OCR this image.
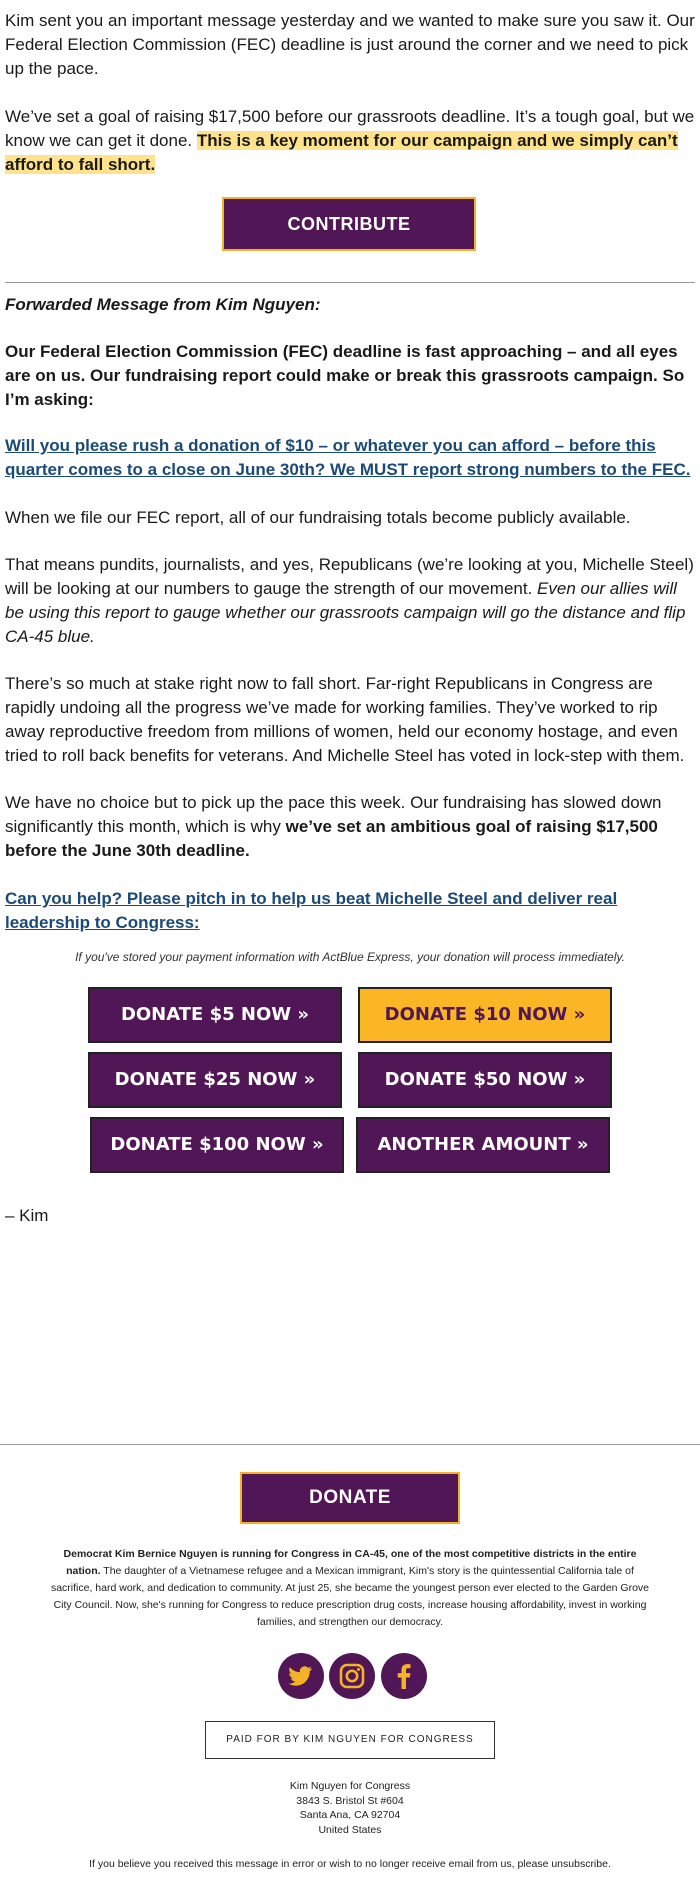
Kim sent you an important message yesterday and we wanted to make sure you saw it. Our Federal Election Commission (FEC) deadline is just around the corner and we need to pick up the pace.

We’ve set a goal of raising $17,500 before our grassroots deadline. It’s a tough goal, but we know we can get it done. This is a key moment for our campaign and we simply can’t afford to fall short.

CONTRIBUTE

Forwarded Message from Kim Nguyen:

Our Federal Election Commission (FEC) deadline is fast approaching – and all eyes are on us. Our fundraising report could make or break this grassroots campaign. So I’m asking:

Will you please rush a donation of $10 – or whatever you can afford – before this quarter comes to a close on June 30th? We MUST report strong numbers to the FEC.

When we file our FEC report, all of our fundraising totals become publicly available.

That means pundits, journalists, and yes, Republicans (we’re looking at you, Michelle Steel) will be looking at our numbers to gauge the strength of our movement. Even our allies will be using this report to gauge whether our grassroots campaign will go the distance and flip CA-45 blue.

There’s so much at stake right now to fall short. Far-right Republicans in Congress are rapidly undoing all the progress we’ve made for working families. They’ve worked to rip away reproductive freedom from millions of women, held our economy hostage, and even tried to roll back benefits for veterans. And Michelle Steel has voted in lock-step with them.

We have no choice but to pick up the pace this week. Our fundraising has slowed down significantly this month, which is why we’ve set an ambitious goal of raising $17,500 before the June 30th deadline.

Can you help? Please pitch in to help us beat Michelle Steel and deliver real leadership to Congress:

If you've stored your payment information with ActBlue Express, your donation will process immediately.

– Kim

DONATE $5 NOW »	DONATE $10 NOW »
DONATE $25 NOW »	DONATE $50 NOW »
DONATE $100 NOW »	ANOTHER AMOUNT »
DONATE
Democrat Kim Bernice Nguyen is running for Congress in CA-45, one of the most competitive districts in the entire nation. The daughter of a Vietnamese refugee and a Mexican immigrant, Kim's story is the quintessential California tale of sacrifice, hard work, and dedication to community. At just 25, she became the youngest person ever elected to the Garden Grove City Council. Now, she's running for Congress to reduce prescription drug costs, increase housing affordability, invest in working families, and strengthen our democracy.
PAID FOR BY KIM NGUYEN FOR CONGRESS
Kim Nguyen for Congress
3843 S. Bristol St #604
Santa Ana, CA 92704
United States
If you believe you received this message in error or wish to no longer receive email from us, please unsubscribe.
